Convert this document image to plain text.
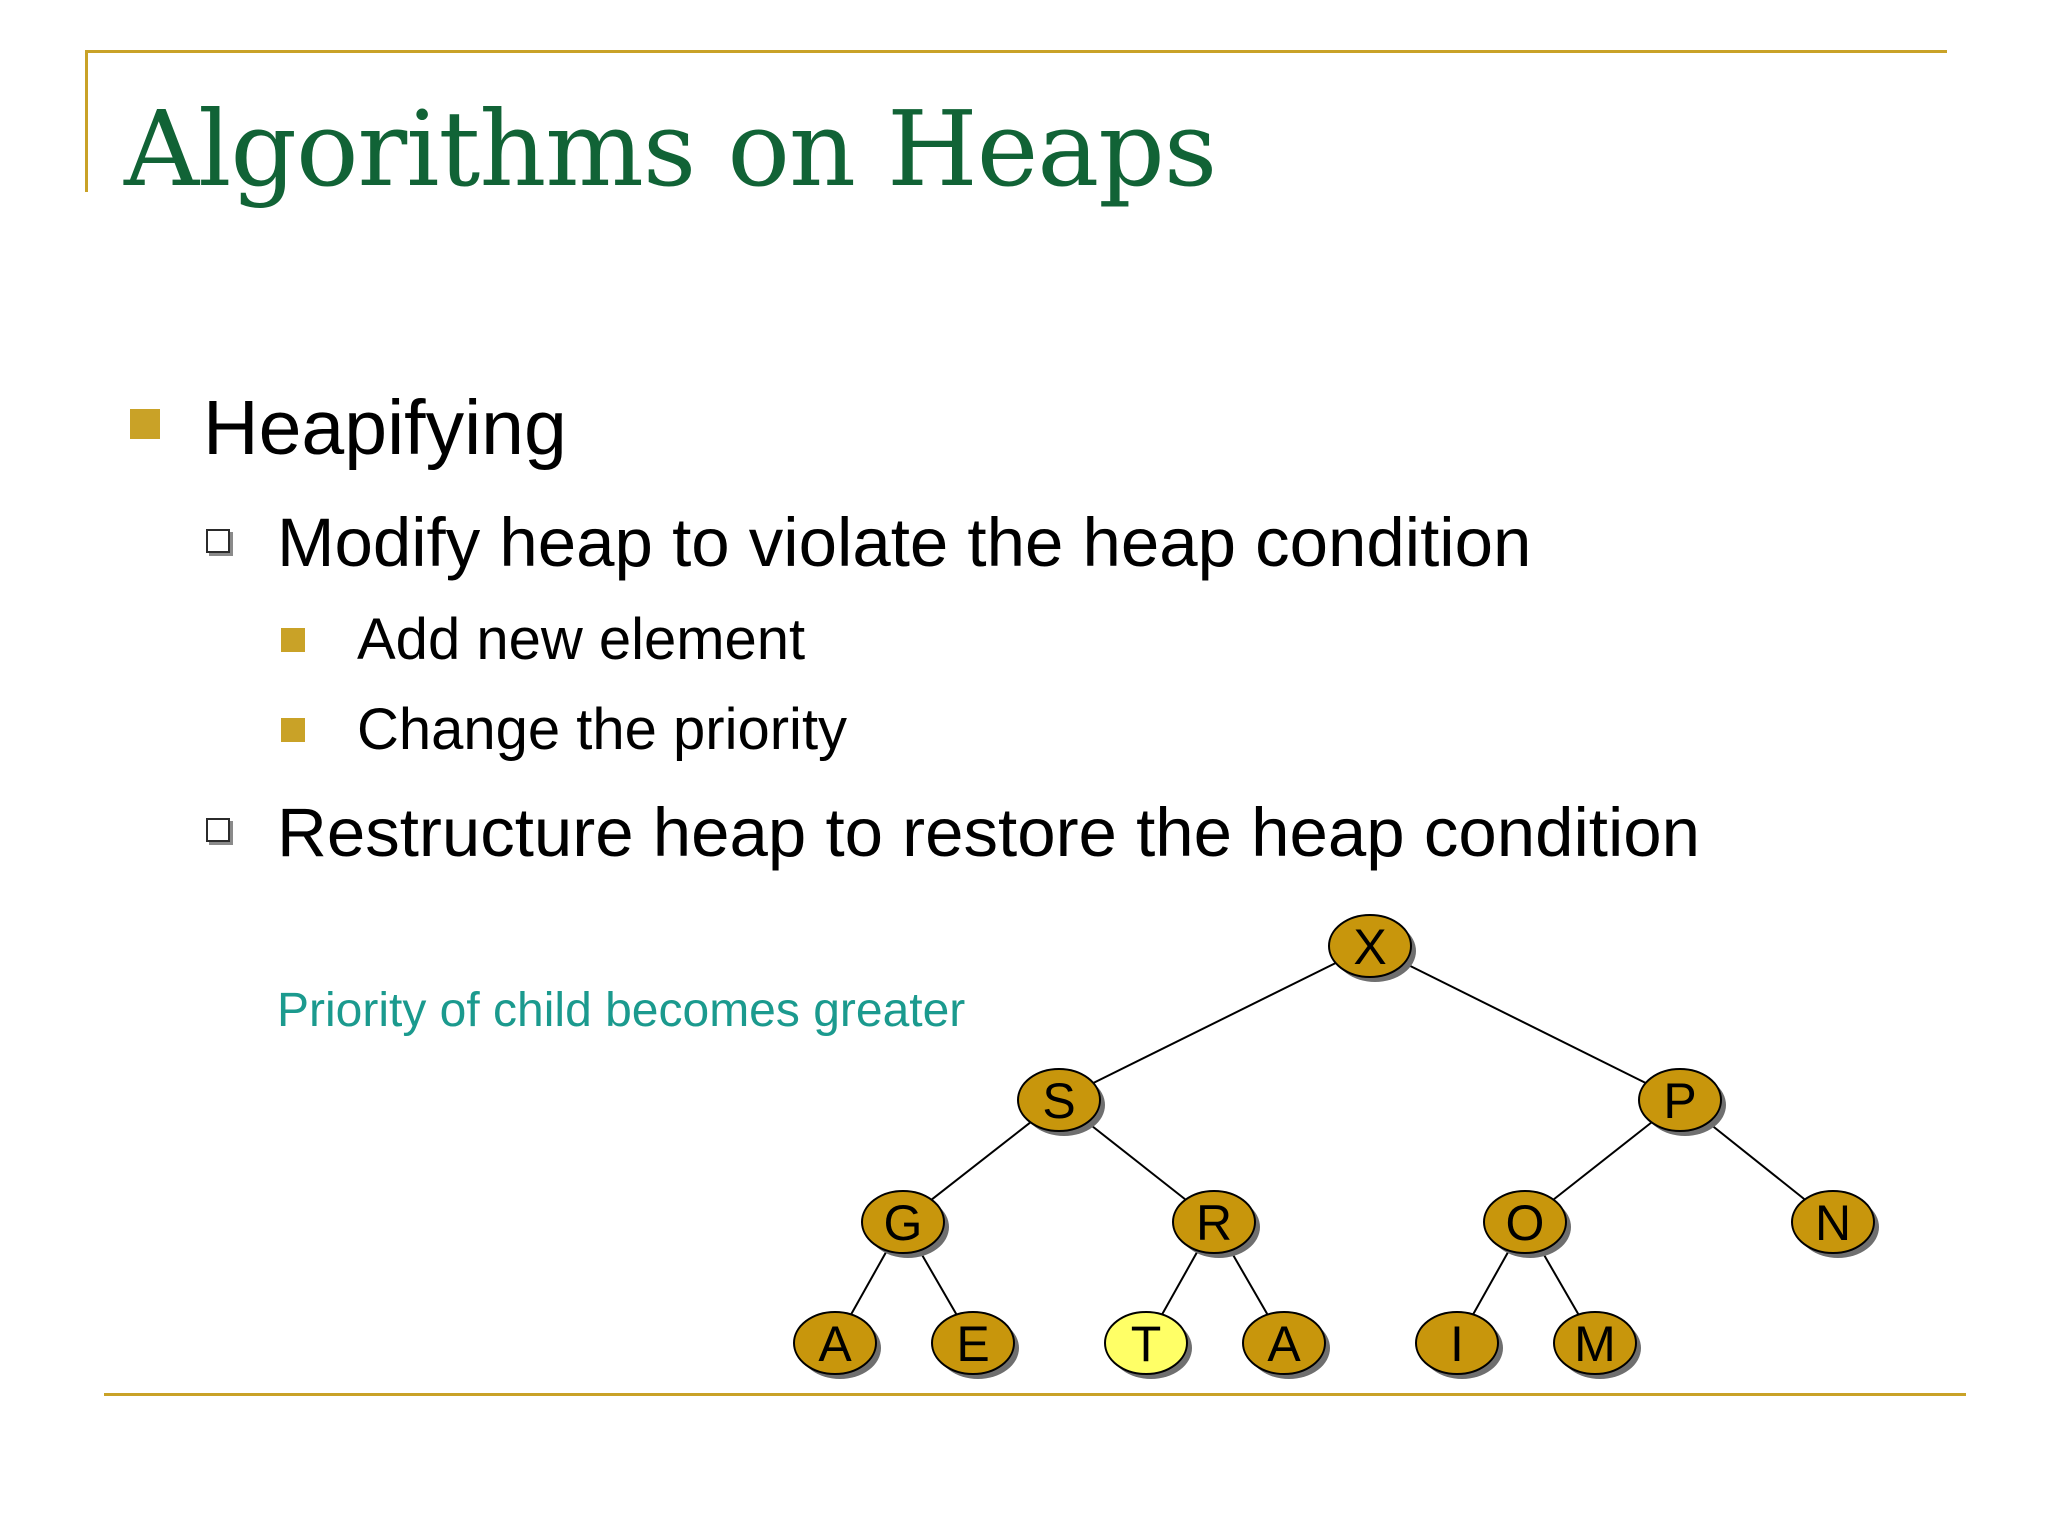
Algorithms on Heaps
Heapifying
Modify heap to violate the heap condition
Add new element
Change the priority
Restructure heap to restore the heap condition
Priority of child becomes greater
X
S	P
G	R	O	N
A E	T A	I M
